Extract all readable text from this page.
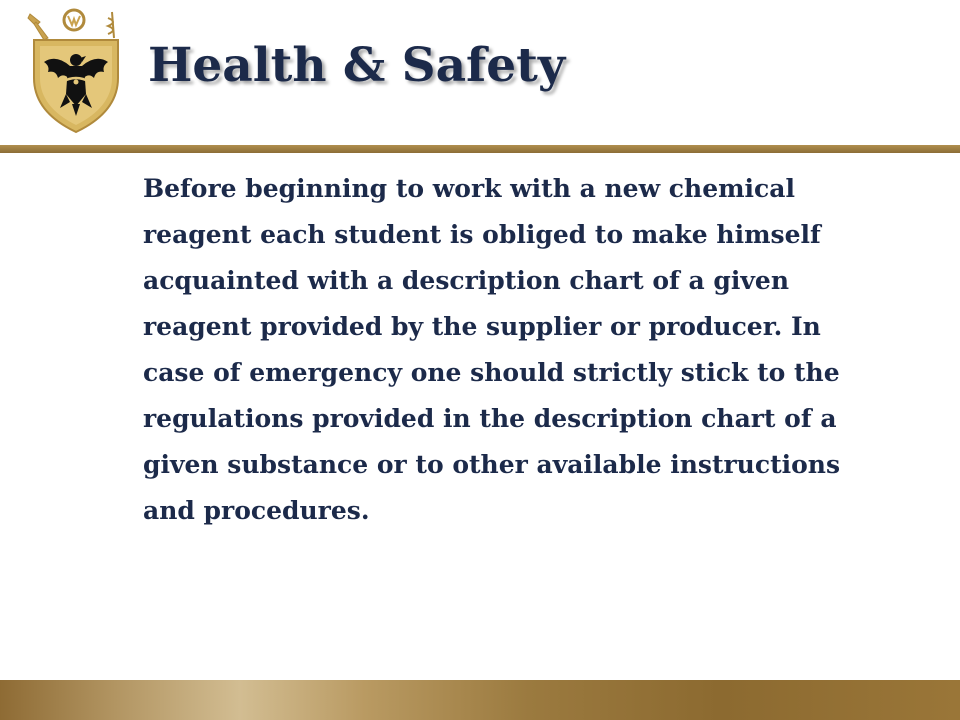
Health & Safety

Before beginning to work with a new chemical reagent each student is obliged to make himself acquainted with a description chart of a given reagent provided by the supplier or producer. In case of emergency one should strictly stick to the regulations provided in the description chart of a given substance or to other available instructions and procedures.
